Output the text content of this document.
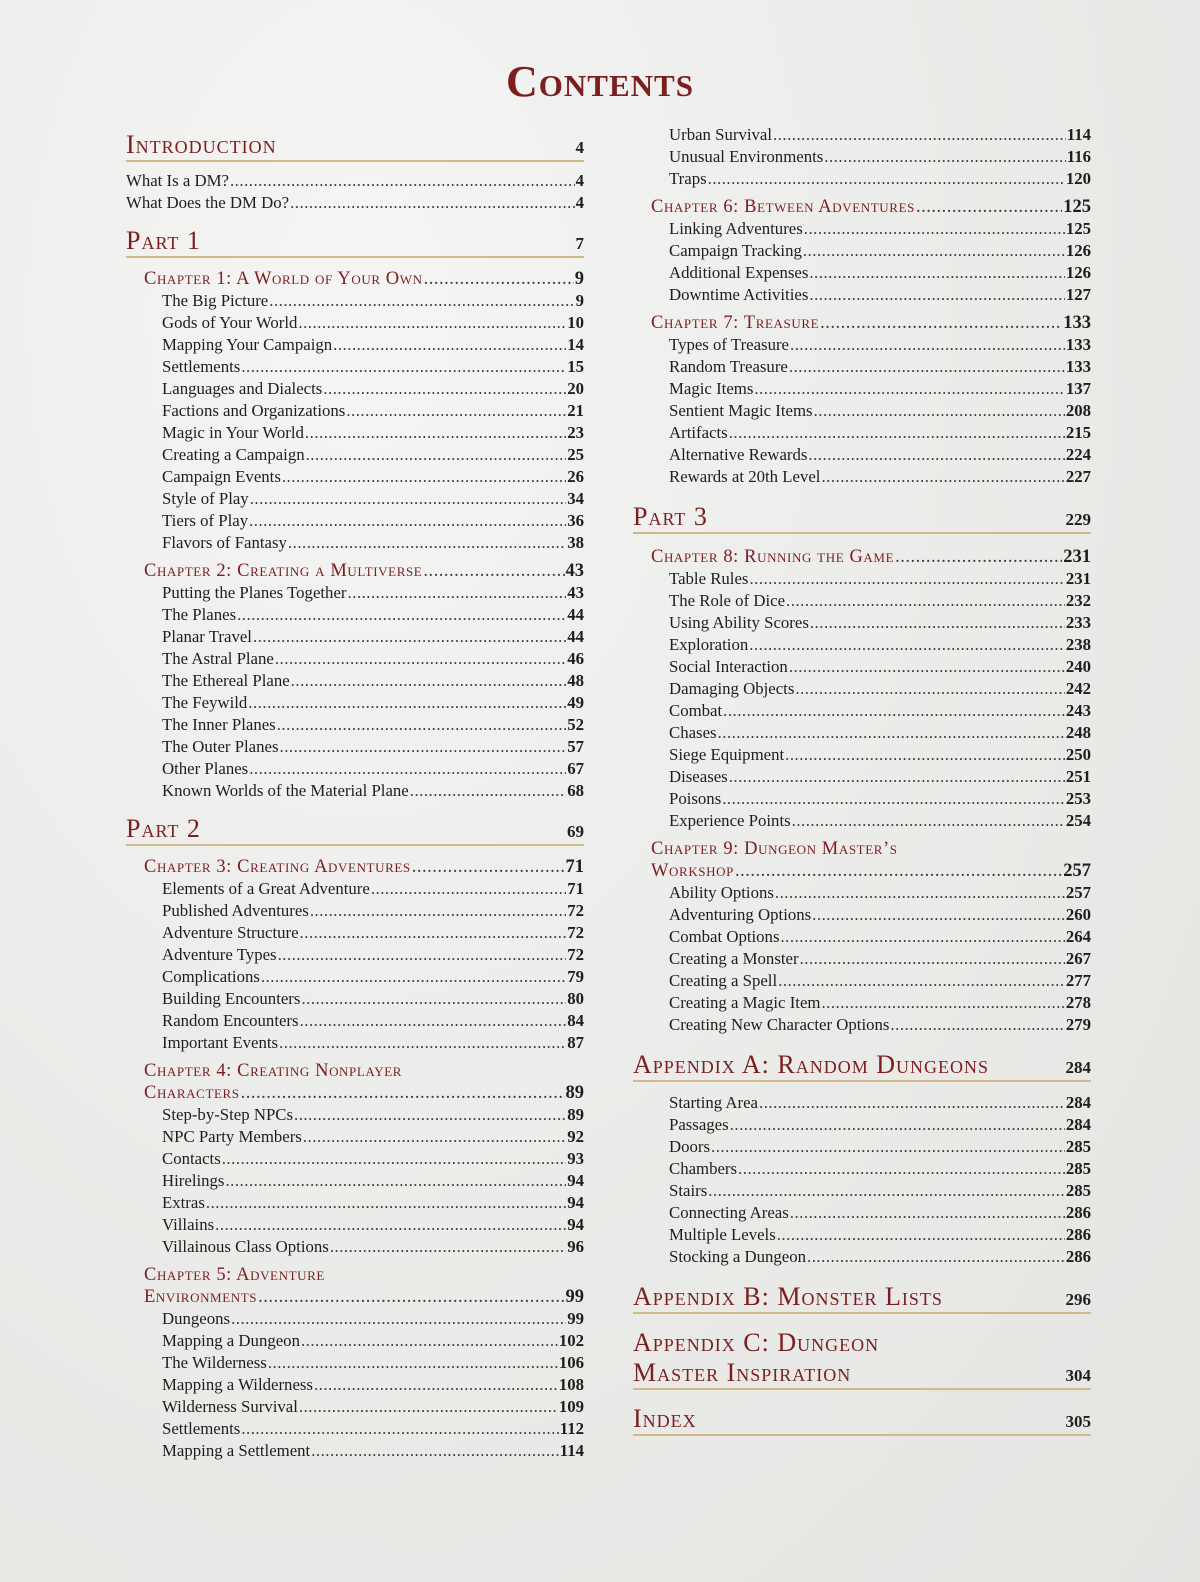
Contents
Introduction	4
What Is a DM? .....	4
What Does the DM Do? .....	4
Part 1	7
Chapter 1: A World of Your Own .....	9
The Big Picture .....	9
Gods of Your World .....	10
Mapping Your Campaign .....	14
Settlements .....	15
Languages and Dialects .....	20
Factions and Organizations .....	21
Magic in Your World .....	23
Creating a Campaign .....	25
Campaign Events .....	26
Style of Play .....	34
Tiers of Play .....	36
Flavors of Fantasy .....	38
Chapter 2: Creating a Multiverse .....	43
Putting the Planes Together .....	43
The Planes .....	44
Planar Travel .....	44
The Astral Plane .....	46
The Ethereal Plane .....	48
The Feywild .....	49
The Inner Planes .....	52
The Outer Planes .....	57
Other Planes .....	67
Known Worlds of the Material Plane .....	68
Part 2	69
Chapter 3: Creating Adventures .....	71
Elements of a Great Adventure .....	71
Published Adventures .....	72
Adventure Structure .....	72
Adventure Types .....	72
Complications .....	79
Building Encounters .....	80
Random Encounters .....	84
Important Events .....	87
Chapter 4: Creating Nonplayer
Characters .....	89
Step-by-Step NPCs .....	89
NPC Party Members .....	92
Contacts .....	93
Hirelings .....	94
Extras .....	94
Villains .....	94
Villainous Class Options .....	96
Chapter 5: Adventure
Environments .....	99
Dungeons .....	99
Mapping a Dungeon .....	102
The Wilderness .....	106
Mapping a Wilderness .....	108
Wilderness Survival .....	109
Settlements .....	112
Mapping a Settlement .....	114
Urban Survival .....	114
Unusual Environments .....	116
Traps .....	120
Chapter 6: Between Adventures .....	125
Linking Adventures .....	125
Campaign Tracking .....	126
Additional Expenses .....	126
Downtime Activities .....	127
Chapter 7: Treasure .....	133
Types of Treasure .....	133
Random Treasure .....	133
Magic Items .....	137
Sentient Magic Items .....	208
Artifacts .....	215
Alternative Rewards .....	224
Rewards at 20th Level .....	227
Part 3	229
Chapter 8: Running the Game .....	231
Table Rules .....	231
The Role of Dice .....	232
Using Ability Scores .....	233
Exploration .....	238
Social Interaction .....	240
Damaging Objects .....	242
Combat .....	243
Chases .....	248
Siege Equipment .....	250
Diseases .....	251
Poisons .....	253
Experience Points .....	254
Chapter 9: Dungeon Master’s
Workshop .....	257
Ability Options .....	257
Adventuring Options .....	260
Combat Options .....	264
Creating a Monster .....	267
Creating a Spell .....	277
Creating a Magic Item .....	278
Creating New Character Options .....	279
Appendix A: Random Dungeons	284
Starting Area .....	284
Passages .....	284
Doors .....	285
Chambers .....	285
Stairs .....	285
Connecting Areas .....	286
Multiple Levels .....	286
Stocking a Dungeon .....	286
Appendix B: Monster Lists	296
Appendix C: Dungeon
Master Inspiration	304
Index	305
